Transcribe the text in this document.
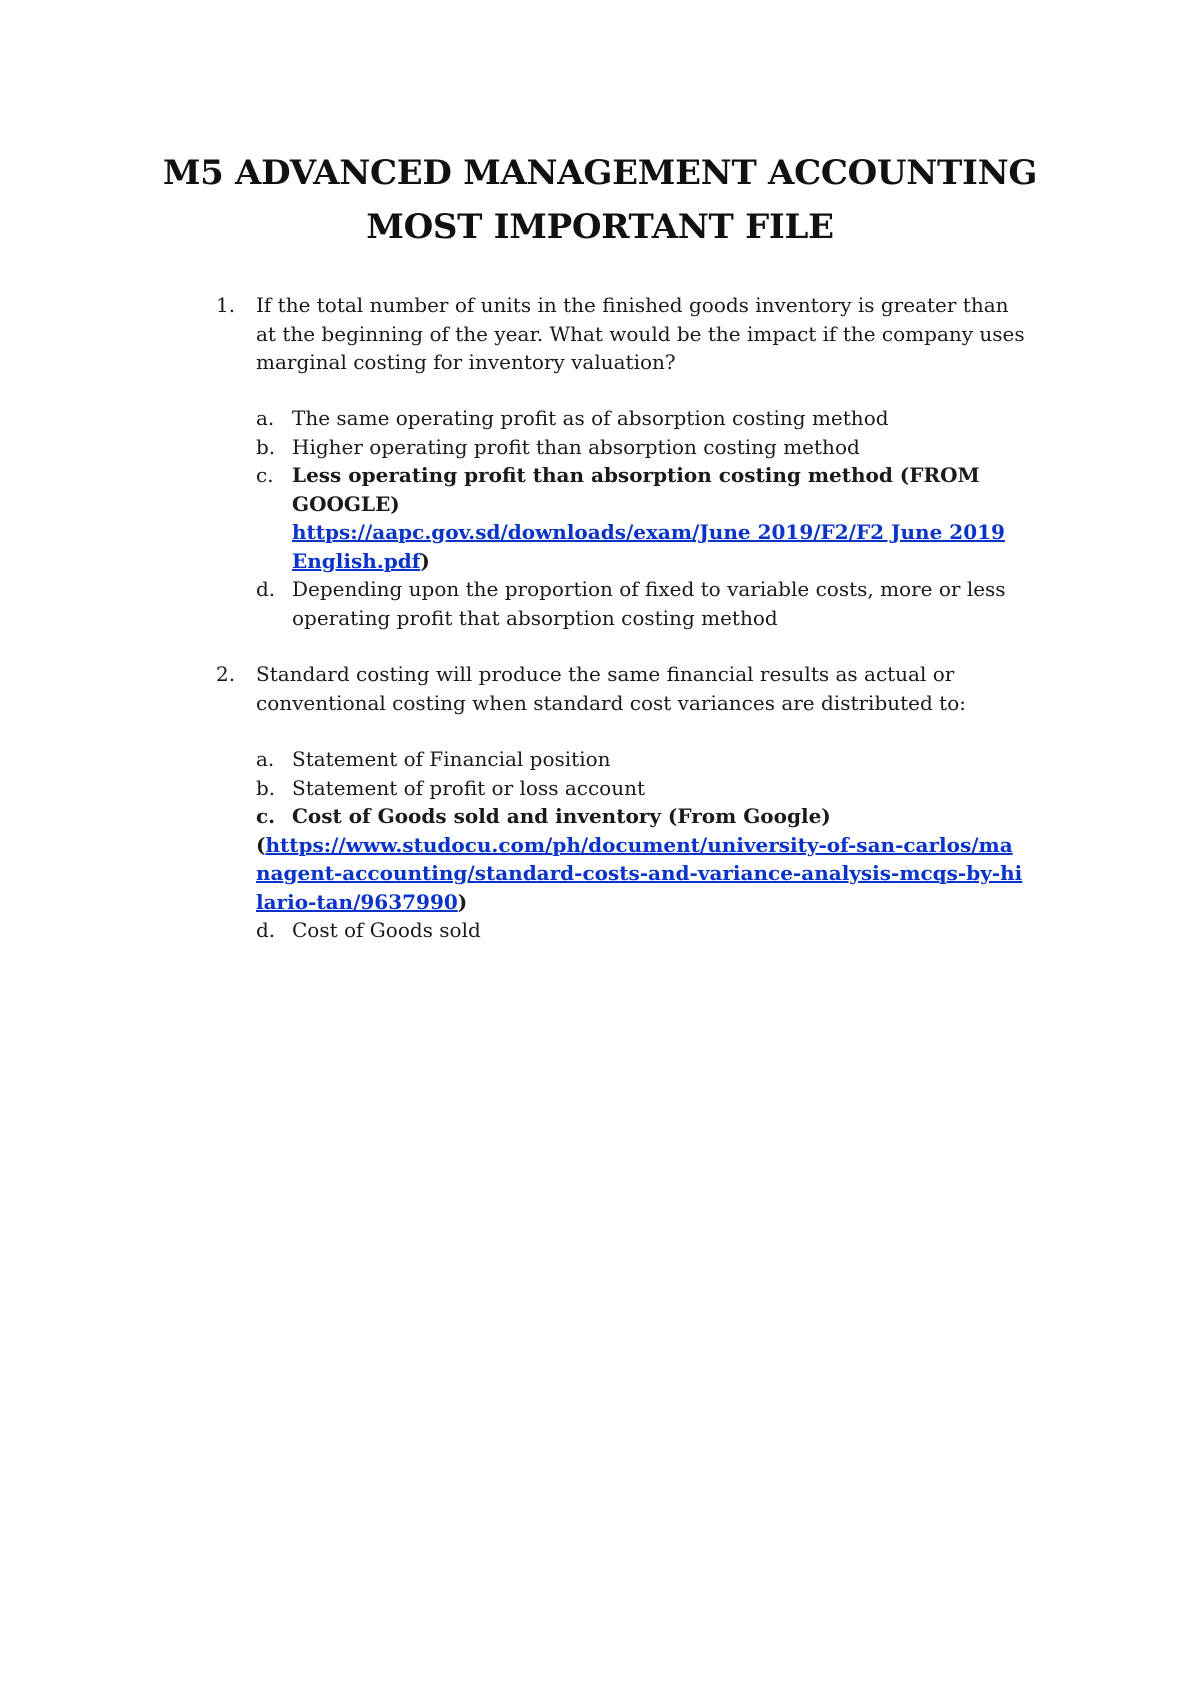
M5 ADVANCED MANAGEMENT ACCOUNTING
MOST IMPORTANT FILE
1.	If the total number of units in the finished goods inventory is greater than at the beginning of the year. What would be the impact if the company uses marginal costing for inventory valuation?
a. The same operating profit as of absorption costing method
b. Higher operating profit than absorption costing method
c. Less operating profit than absorption costing method (FROM GOOGLE)
https://aapc.gov.sd/downloads/exam/June 2019/F2/F2 June 2019 English.pdf)
d. Depending upon the proportion of fixed to variable costs, more or less operating profit that absorption costing method
2.	Standard costing will produce the same financial results as actual or conventional costing when standard cost variances are distributed to:
a. Statement of Financial position
b. Statement of profit or loss account
c. Cost of Goods sold and inventory (From Google)
(https://www.studocu.com/ph/document/university-of-san-carlos/managent-accounting/standard-costs-and-variance-analysis-mcqs-by-hilario-tan/9637990)
d. Cost of Goods sold
